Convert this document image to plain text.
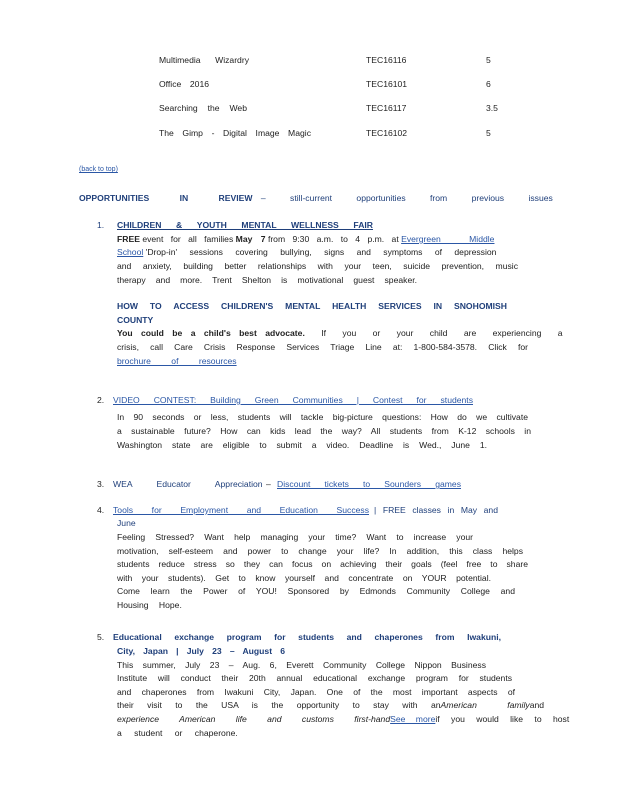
Multimedia Wizardry	TEC16116	5
Office 2016	TEC16101	6
Searching the Web	TEC16117	3.5
The Gimp - Digital Image Magic	TEC16102	5
(back to top)
OPPORTUNITIES IN REVIEW – still-current opportunities from previous issues
1. CHILDREN & YOUTH MENTAL WELLNESS FAIR
FREE event for all families May 7 from 9:30 a.m. to 4 p.m. at Evergreen Middle
School 'Drop-in' sessions covering bullying, signs and symptoms of depression
and anxiety, building better relationships with your teen, suicide prevention, music
therapy and more. Trent Shelton is motivational guest speaker.
HOW TO ACCESS CHILDREN'S MENTAL HEALTH SERVICES IN SNOHOMISH
COUNTY
You could be a child's best advocate. If you or your child are experiencing a
crisis, call Care Crisis Response Services Triage Line at: 1-800-584-3578. Click for
brochure of resources
2. VIDEO CONTEST: Building Green Communities | Contest for students
In 90 seconds or less, students will tackle big-picture questions: How do we cultivate
a sustainable future? How can kids lead the way? All students from K-12 schools in
Washington state are eligible to submit a video. Deadline is Wed., June 1.
3. WEA Educator Appreciation – Discount tickets to Sounders games
4. Tools for Employment and Education Success | FREE classes in May and
June
Feeling Stressed? Want help managing your time? Want to increase your
motivation, self-esteem and power to change your life? In addition, this class helps
students reduce stress so they can focus on achieving their goals (feel free to share
with your students). Get to know yourself and concentrate on YOUR potential.
Come learn the Power of YOU! Sponsored by Edmonds Community College and
Housing Hope.
5. Educational exchange program for students and chaperones from Iwakuni,
City, Japan | July 23 – August 6
This summer, July 23 – Aug. 6, Everett Community College Nippon Business
Institute will conduct their 20th annual educational exchange program for students
and chaperones from Iwakuni City, Japan. One of the most important aspects of
their visit to the USA is the opportunity to stay with an American family and
experience American life and customs first-hand See more if you would like to host
a student or chaperone.
